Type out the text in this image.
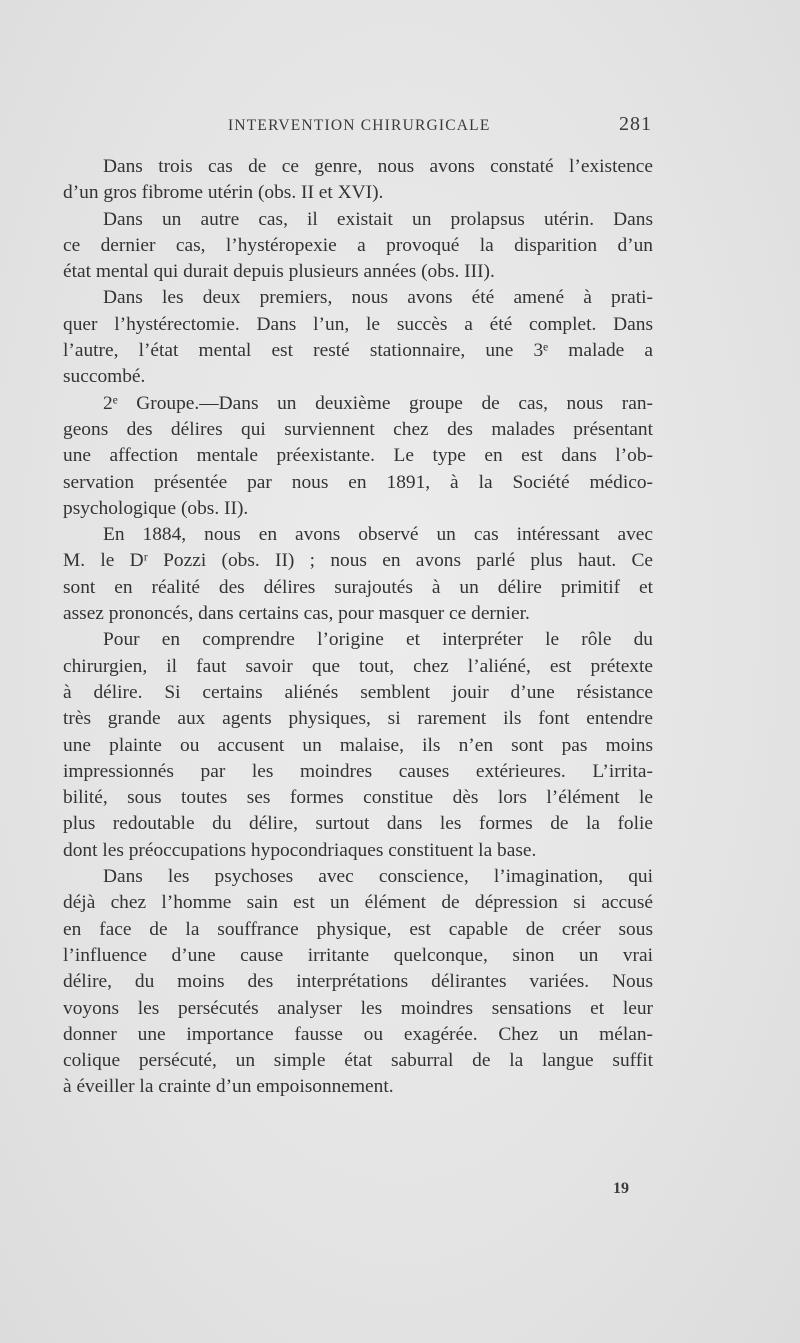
INTERVENTION CHIRURGICALE	281
Dans trois cas de ce genre, nous avons constaté l’existence
d’un gros fibrome utérin (obs. II et XVI).
Dans un autre cas, il existait un prolapsus utérin. Dans
ce dernier cas, l’hystéropexie a provoqué la disparition d’un
état mental qui durait depuis plusieurs années (obs. III).
Dans les deux premiers, nous avons été amené à prati-
quer l’hystérectomie. Dans l’un, le succès a été complet. Dans
l’autre, l’état mental est resté stationnaire, une 3ᵉ malade a
succombé.
2ᵉ Groupe.—Dans un deuxième groupe de cas, nous ran-
geons des délires qui surviennent chez des malades présentant
une affection mentale préexistante. Le type en est dans l’ob-
servation présentée par nous en 1891, à la Société médico-
psychologique (obs. II).
En 1884, nous en avons observé un cas intéressant avec
M. le Dʳ Pozzi (obs. II) ; nous en avons parlé plus haut. Ce
sont en réalité des délires surajoutés à un délire primitif et
assez prononcés, dans certains cas, pour masquer ce dernier.
Pour en comprendre l’origine et interpréter le rôle du
chirurgien, il faut savoir que tout, chez l’aliéné, est prétexte
à délire. Si certains aliénés semblent jouir d’une résistance
très grande aux agents physiques, si rarement ils font entendre
une plainte ou accusent un malaise, ils n’en sont pas moins
impressionnés par les moindres causes extérieures. L’irrita-
bilité, sous toutes ses formes constitue dès lors l’élément le
plus redoutable du délire, surtout dans les formes de la folie
dont les préoccupations hypocondriaques constituent la base.
Dans les psychoses avec conscience, l’imagination, qui
déjà chez l’homme sain est un élément de dépression si accusé
en face de la souffrance physique, est capable de créer sous
l’influence d’une cause irritante quelconque, sinon un vrai
délire, du moins des interprétations délirantes variées. Nous
voyons les persécutés analyser les moindres sensations et leur
donner une importance fausse ou exagérée. Chez un mélan-
colique persécuté, un simple état saburral de la langue suffit
à éveiller la crainte d’un empoisonnement.
19
